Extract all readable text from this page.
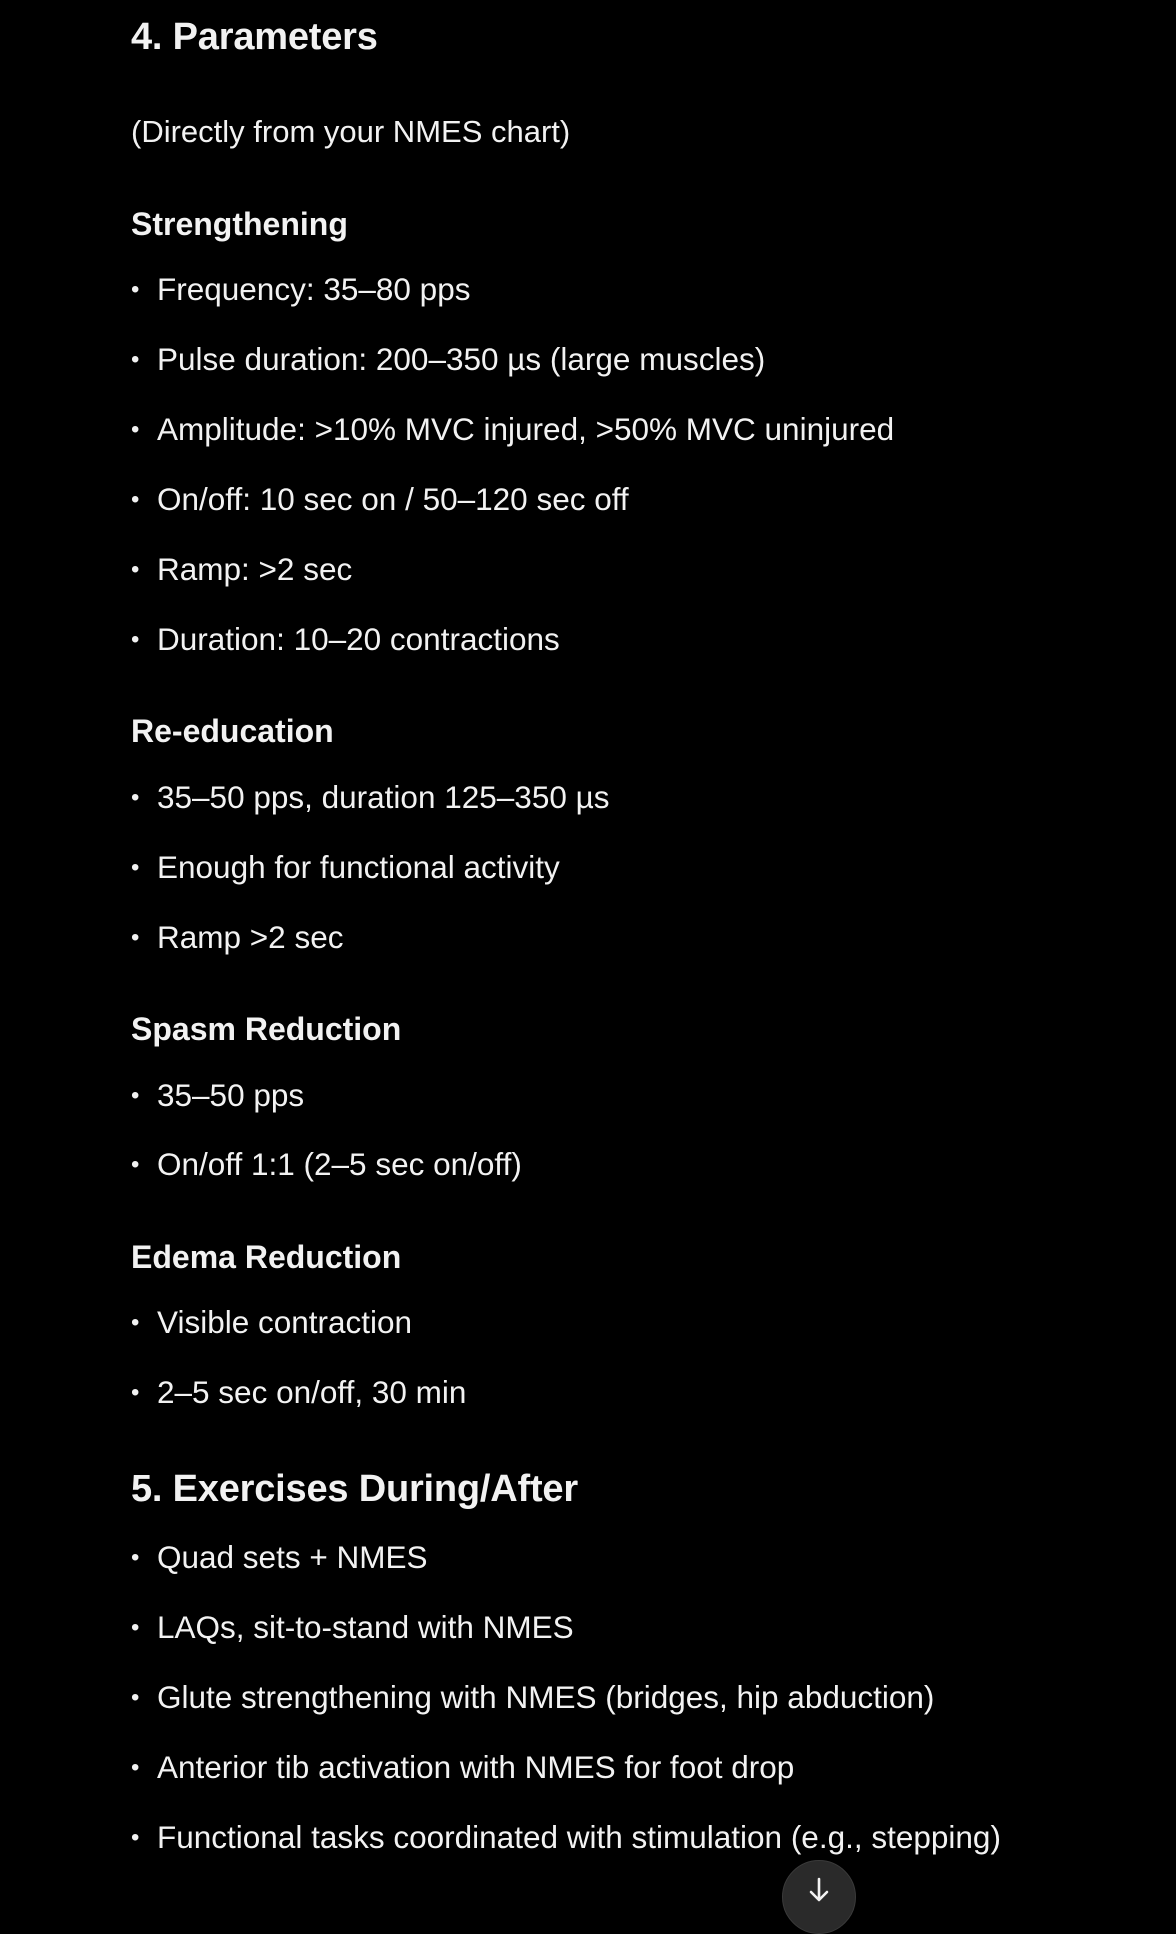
4. Parameters
(Directly from your NMES chart)
Strengthening
• Frequency: 35–80 pps
• Pulse duration: 200–350 µs (large muscles)
• Amplitude: >10% MVC injured, >50% MVC uninjured
• On/off: 10 sec on / 50–120 sec off
• Ramp: >2 sec
• Duration: 10–20 contractions
Re-education
• 35–50 pps, duration 125–350 µs
• Enough for functional activity
• Ramp >2 sec
Spasm Reduction
• 35–50 pps
• On/off 1:1 (2–5 sec on/off)
Edema Reduction
• Visible contraction
• 2–5 sec on/off, 30 min
5. Exercises During/After
• Quad sets + NMES
• LAQs, sit-to-stand with NMES
• Glute strengthening with NMES (bridges, hip abduction)
• Anterior tib activation with NMES for foot drop
• Functional tasks coordinated with stimulation (e.g., stepping)
